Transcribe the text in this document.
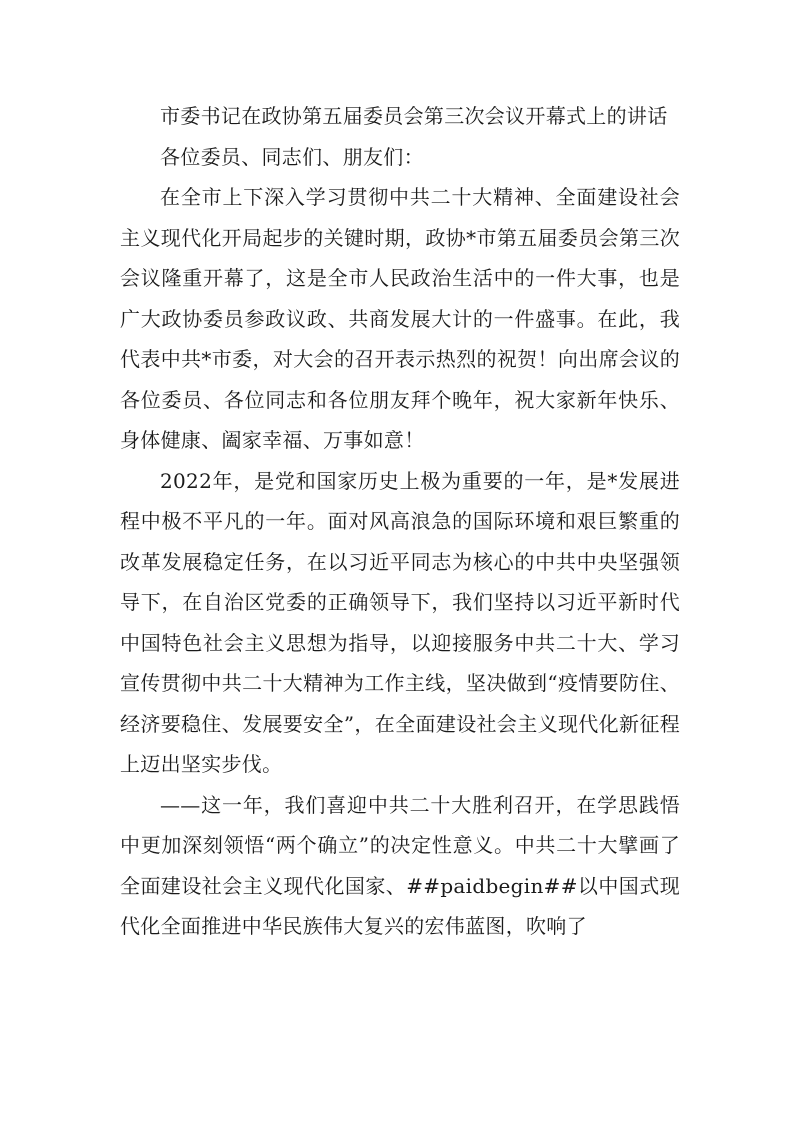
市委书记在政协第五届委员会第三次会议开幕式上的讲话

各位委员、同志们、朋友们：

在全市上下深入学习贯彻中共二十大精神、全面建设社会主义现代化开局起步的关键时期，政协*市第五届委员会第三次会议隆重开幕了，这是全市人民政治生活中的一件大事，也是广大政协委员参政议政、共商发展大计的一件盛事。在此，我代表中共*市委，对大会的召开表示热烈的祝贺！向出席会议的各位委员、各位同志和各位朋友拜个晚年，祝大家新年快乐、身体健康、阖家幸福、万事如意！

2022年，是党和国家历史上极为重要的一年，是*发展进程中极不平凡的一年。面对风高浪急的国际环境和艰巨繁重的改革发展稳定任务，在以习近平同志为核心的中共中央坚强领导下，在自治区党委的正确领导下，我们坚持以习近平新时代中国特色社会主义思想为指导，以迎接服务中共二十大、学习宣传贯彻中共二十大精神为工作主线，坚决做到“疫情要防住、经济要稳住、发展要安全”，在全面建设社会主义现代化新征程上迈出坚实步伐。

——这一年，我们喜迎中共二十大胜利召开，在学思践悟中更加深刻领悟“两个确立”的决定性意义。中共二十大擘画了全面建设社会主义现代化国家、##paidbegin##以中国式现代化全面推进中华民族伟大复兴的宏伟蓝图，吹响了
